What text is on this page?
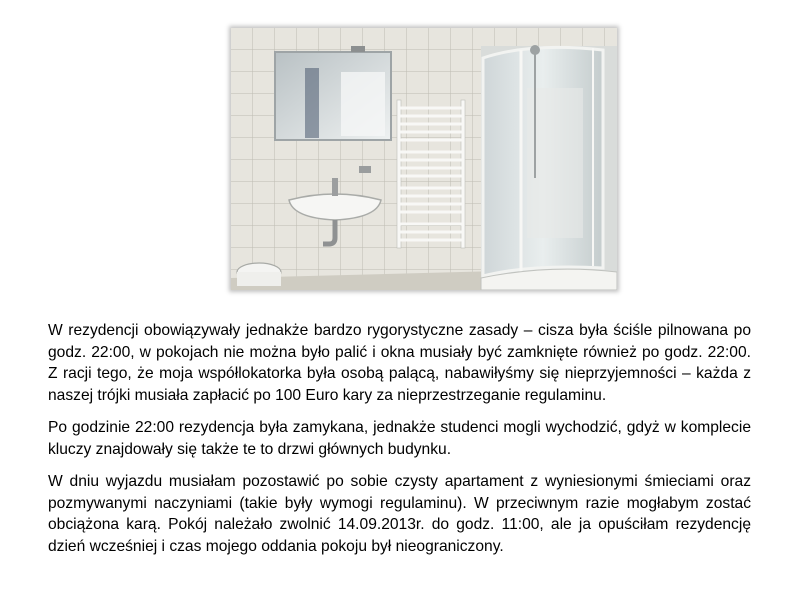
W rezydencji obowiązywały jednakże bardzo rygorystyczne zasady – cisza była ściśle pilnowana po godz. 22:00, w pokojach nie można było palić i okna musiały być zamknięte również po godz. 22:00. Z racji tego, że moja współlokatorka była osobą palącą, nabawiłyśmy się nieprzyjemności – każda z naszej trójki musiała zapłacić po 100 Euro kary za nieprzestrzeganie regulaminu.

Po godzinie 22:00 rezydencja była zamykana, jednakże studenci mogli wychodzić, gdyż w komplecie kluczy znajdowały się także te to drzwi głównych budynku.

W dniu wyjazdu musiałam pozostawić po sobie czysty apartament z wyniesionymi śmieciami oraz pozmywanymi naczyniami (takie były wymogi regulaminu). W przeciwnym razie mogłabym zostać obciążona karą. Pokój należało zwolnić 14.09.2013r. do godz. 11:00, ale ja opuściłam rezydencję dzień wcześniej i czas mojego oddania pokoju był nieograniczony.
